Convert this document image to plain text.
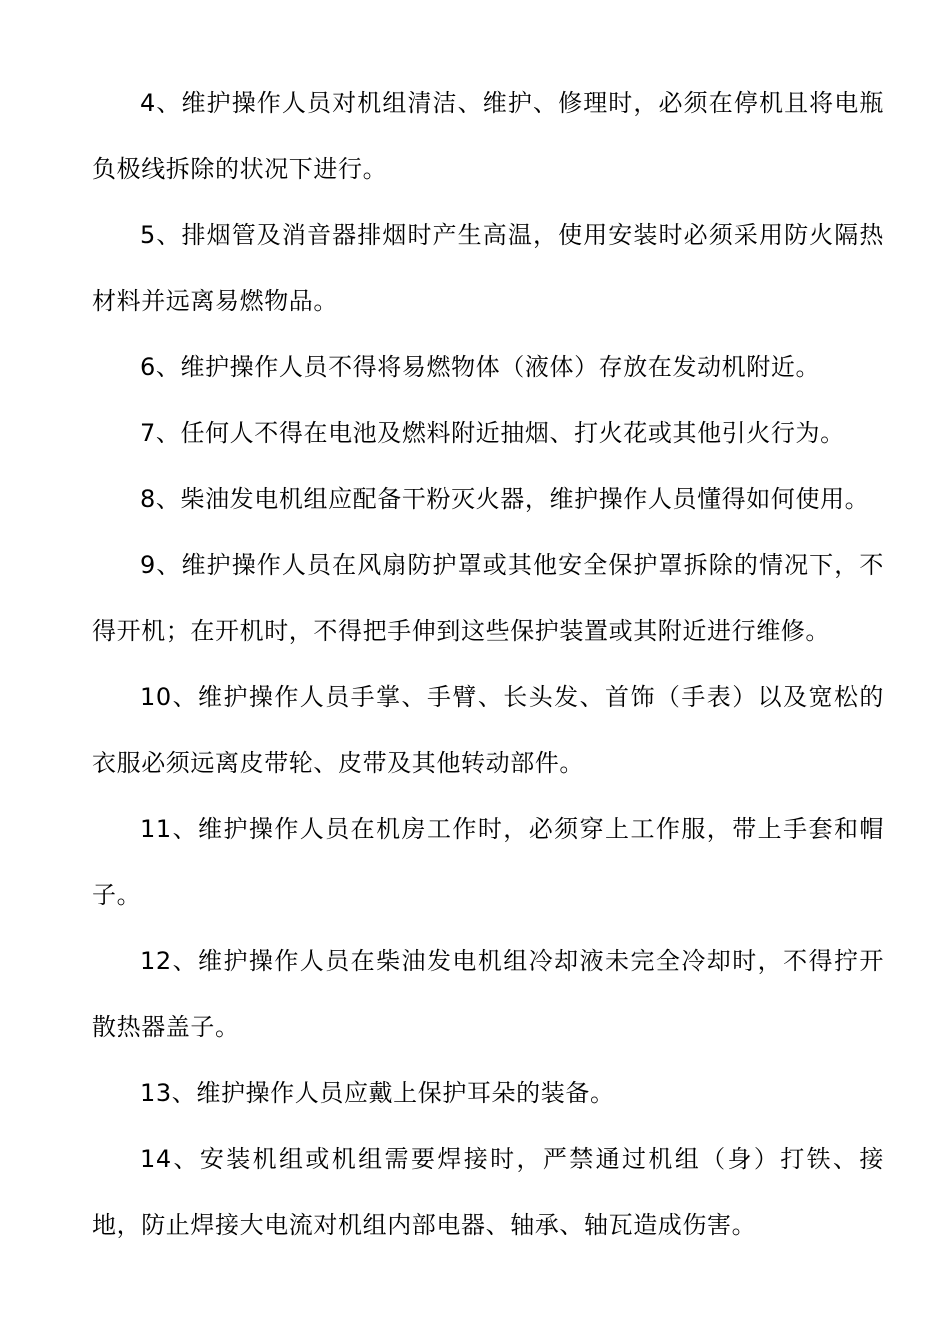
4、维护操作人员对机组清洁、维护、修理时，必须在停机且将电瓶负极线拆除的状况下进行。

5、排烟管及消音器排烟时产生高温，使用安装时必须采用防火隔热材料并远离易燃物品。

6、维护操作人员不得将易燃物体（液体）存放在发动机附近。

7、任何人不得在电池及燃料附近抽烟、打火花或其他引火行为。

8、柴油发电机组应配备干粉灭火器，维护操作人员懂得如何使用。

9、维护操作人员在风扇防护罩或其他安全保护罩拆除的情况下，不得开机；在开机时，不得把手伸到这些保护装置或其附近进行维修。

10、维护操作人员手掌、手臂、长头发、首饰（手表）以及宽松的衣服必须远离皮带轮、皮带及其他转动部件。

11、维护操作人员在机房工作时，必须穿上工作服，带上手套和帽子。

12、维护操作人员在柴油发电机组冷却液未完全冷却时，不得拧开散热器盖子。

13、维护操作人员应戴上保护耳朵的装备。

14、安装机组或机组需要焊接时，严禁通过机组（身）打铁、接地，防止焊接大电流对机组内部电器、轴承、轴瓦造成伤害。
